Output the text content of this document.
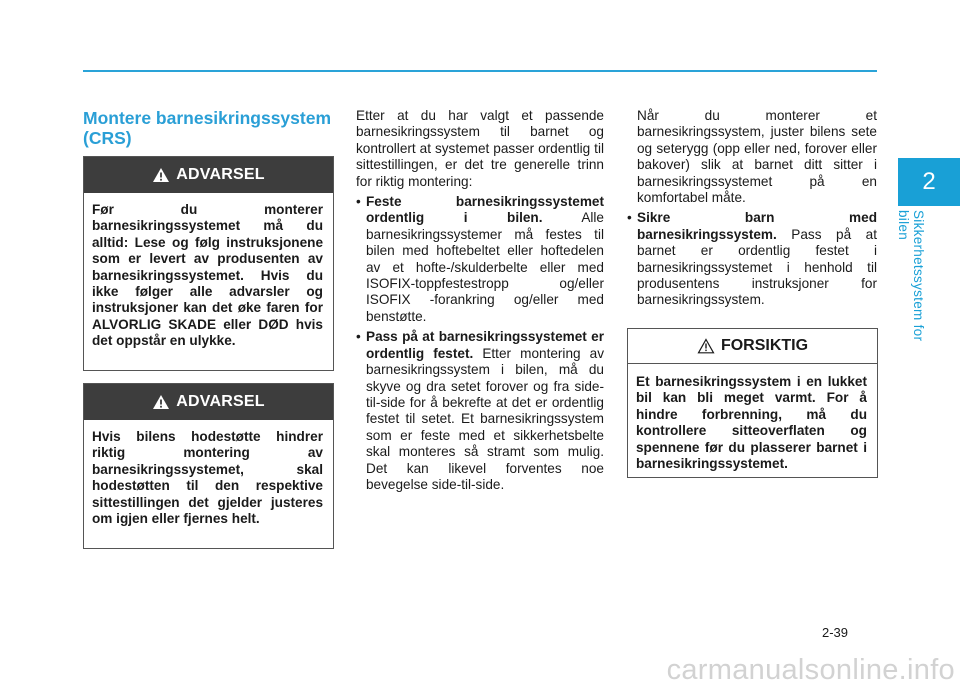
2
Sikkerhetssystem for bilen
Montere barnesikringssystem
(CRS)
ADVARSEL
Før du monterer barnesikringssystemet må du alltid: Lese og følg instruksjonene som er levert av produsenten av barnesikringssystemet. Hvis du ikke følger alle advarsler og instruksjoner kan det øke faren for ALVORLIG SKADE eller DØD hvis det oppstår en ulykke.
ADVARSEL
Hvis bilens hodestøtte hindrer riktig montering av barnesikringssystemet, skal hodestøtten til den respektive sittestillingen det gjelder justeres om igjen eller fjernes helt.

Etter at du har valgt et passende barnesikringssystem til barnet og kontrollert at systemet passer ordentlig til sittestillingen, er det tre generelle trinn for riktig montering:

• Feste barnesikringssystemet ordentlig i bilen. Alle barnesikringssystemer må festes til bilen med hoftebeltet eller hoftedelen av et hofte-/skulderbelte eller med ISOFIX-toppfestestropp og/eller ISOFIX -forankring og/eller med benstøtte.
• Pass på at barnesikringssystemet er ordentlig festet. Etter montering av barnesikringssystem i bilen, må du skyve og dra setet forover og fra side-til-side for å bekrefte at det er ordentlig festet til setet. Et barnesikringssystem som er feste med et sikkerhetsbelte skal monteres så stramt som mulig. Det kan likevel forventes noe bevegelse side-til-side.

Når du monterer et barnesikringssystem, juster bilens sete og seterygg (opp eller ned, forover eller bakover) slik at barnet ditt sitter i barnesikringssystemet på en komfortabel måte.

• Sikre barn med barnesikringssystem. Pass på at barnet er ordentlig festet i barnesikringssystemet i henhold til produsentens instruksjoner for barnesikringssystem.
FORSIKTIG
Et barnesikringssystem i en lukket bil kan bli meget varmt. For å hindre forbrenning, må du kontrollere sitteoverflaten og spennene før du plasserer barnet i barnesikringssystemet.
2-39
carmanualsonline.info
